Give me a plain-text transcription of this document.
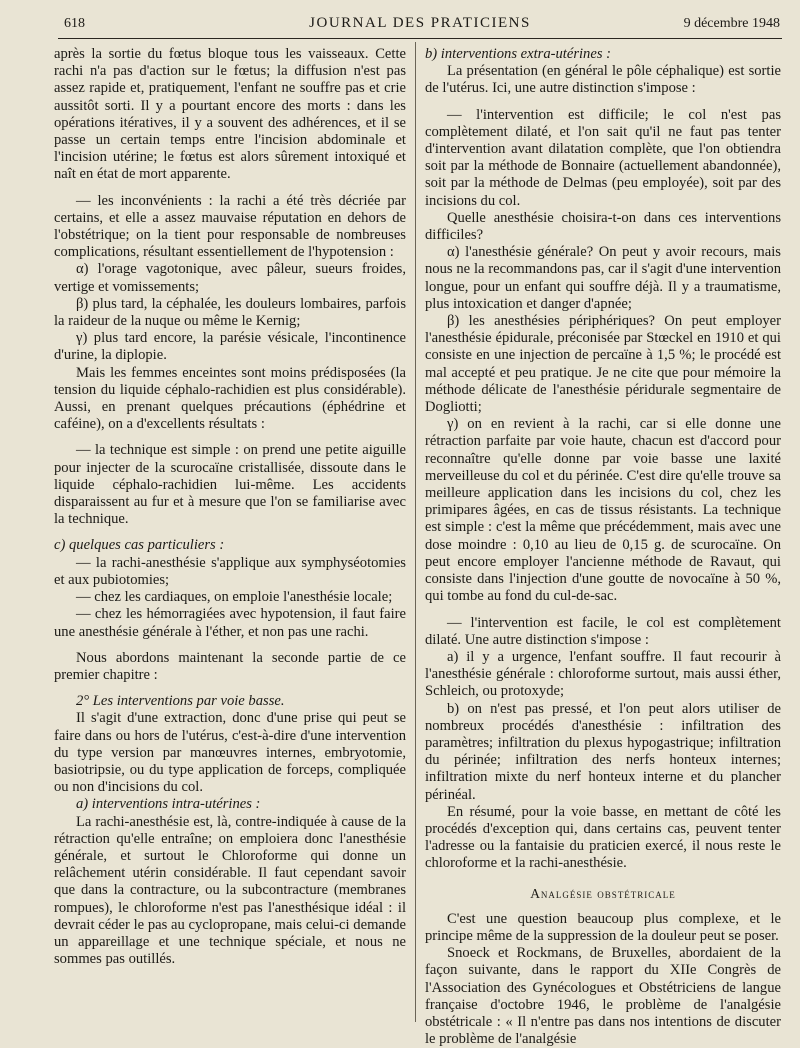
618	JOURNAL DES PRATICIENS	9 décembre 1948

après la sortie du fœtus bloque tous les vaisseaux. Cette rachi n'a pas d'action sur le fœtus; la diffusion n'est pas assez rapide et, pratiquement, l'enfant ne souffre pas et crie aussitôt sorti. Il y a pourtant encore des morts : dans les opérations itératives, il y a souvent des adhérences, et il se passe un certain temps entre l'incision abdominale et l'incision utérine; le fœtus est alors sûrement intoxiqué et naît en état de mort apparente.

— les inconvénients : la rachi a été très décriée par certains, et elle a assez mauvaise réputation en dehors de l'obstétrique; on la tient pour responsable de nombreuses complications, résultant essentiellement de l'hypotension :

α) l'orage vagotonique, avec pâleur, sueurs froides, vertige et vomissements;

β) plus tard, la céphalée, les douleurs lombaires, parfois la raideur de la nuque ou même le Kernig;

γ) plus tard encore, la parésie vésicale, l'incontinence d'urine, la diplopie.

Mais les femmes enceintes sont moins prédisposées (la tension du liquide céphalo-rachidien est plus considérable). Aussi, en prenant quelques précautions (éphédrine et caféine), on a d'excellents résultats :

— la technique est simple : on prend une petite aiguille pour injecter de la scurocaïne cristallisée, dissoute dans le liquide céphalo-rachidien lui-même. Les accidents disparaissent au fur et à mesure que l'on se familiarise avec la technique.

c) quelques cas particuliers :

— la rachi-anesthésie s'applique aux symphyséotomies et aux pubiotomies;

— chez les cardiaques, on emploie l'anesthésie locale;

— chez les hémorragiées avec hypotension, il faut faire une anesthésie générale à l'éther, et non pas une rachi.

Nous abordons maintenant la seconde partie de ce premier chapitre :

2° Les interventions par voie basse.

Il s'agit d'une extraction, donc d'une prise qui peut se faire dans ou hors de l'utérus, c'est-à-dire d'une intervention du type version par manœuvres internes, embryotomie, basiotripsie, ou du type application de forceps, compliquée ou non d'incisions du col.

a) interventions intra-utérines :

La rachi-anesthésie est, là, contre-indiquée à cause de la rétraction qu'elle entraîne; on emploiera donc l'anesthésie générale, et surtout le Chloroforme qui donne un relâchement utérin considérable. Il faut cependant savoir que dans la contracture, ou la subcontracture (membranes rompues), le chloroforme n'est pas l'anesthésique idéal : il devrait céder le pas au cyclopropane, mais celui-ci demande un appareillage et une technique spéciale, et nous ne sommes pas outillés.

b) interventions extra-utérines :

La présentation (en général le pôle céphalique) est sortie de l'utérus. Ici, une autre distinction s'impose :

— l'intervention est difficile; le col n'est pas complètement dilaté, et l'on sait qu'il ne faut pas tenter d'intervention avant dilatation complète, que l'on obtiendra soit par la méthode de Bonnaire (actuellement abandonnée), soit par la méthode de Delmas (peu employée), soit par des incisions du col.

Quelle anesthésie choisira-t-on dans ces interventions difficiles?

α) l'anesthésie générale? On peut y avoir recours, mais nous ne la recommandons pas, car il s'agit d'une intervention longue, pour un enfant qui souffre déjà. Il y a traumatisme, plus intoxication et danger d'apnée;

β) les anesthésies périphériques? On peut employer l'anesthésie épidurale, préconisée par Stœckel en 1910 et qui consiste en une injection de percaïne à 1,5 %; le procédé est mal accepté et peu pratique. Je ne cite que pour mémoire la méthode délicate de l'anesthésie péridurale segmentaire de Dogliotti;

γ) on en revient à la rachi, car si elle donne une rétraction parfaite par voie haute, chacun est d'accord pour reconnaître qu'elle donne par voie basse une laxité merveilleuse du col et du périnée. C'est dire qu'elle trouve sa meilleure application dans les incisions du col, chez les primipares âgées, en cas de tissus résistants. La technique est simple : c'est la même que précédemment, mais avec une dose moindre : 0,10 au lieu de 0,15 g. de scurocaïne. On peut encore employer l'ancienne méthode de Ravaut, qui consiste dans l'injection d'une goutte de novocaïne à 50 %, qui tombe au fond du cul-de-sac.

— l'intervention est facile, le col est complètement dilaté. Une autre distinction s'impose :

a) il y a urgence, l'enfant souffre. Il faut recourir à l'anesthésie générale : chloroforme surtout, mais aussi éther, Schleich, ou protoxyde;

b) on n'est pas pressé, et l'on peut alors utiliser de nombreux procédés d'anesthésie : infiltration des paramètres; infiltration du plexus hypogastrique; infiltration du périnée; infiltration des nerfs honteux internes; infiltration mixte du nerf honteux interne et du plancher périnéal.

En résumé, pour la voie basse, en mettant de côté les procédés d'exception qui, dans certains cas, peuvent tenter l'adresse ou la fantaisie du praticien exercé, il nous reste le chloroforme et la rachi-anesthésie.

Analgésie obstétricale

C'est une question beaucoup plus complexe, et le principe même de la suppression de la douleur peut se poser.

Snoeck et Rockmans, de Bruxelles, abordaient de la façon suivante, dans le rapport du XIIe Congrès de l'Association des Gynécologues et Obstétriciens de langue française d'octobre 1946, le problème de l'analgésie obstétricale : « Il n'entre pas dans nos intentions de discuter le problème de l'analgésie
